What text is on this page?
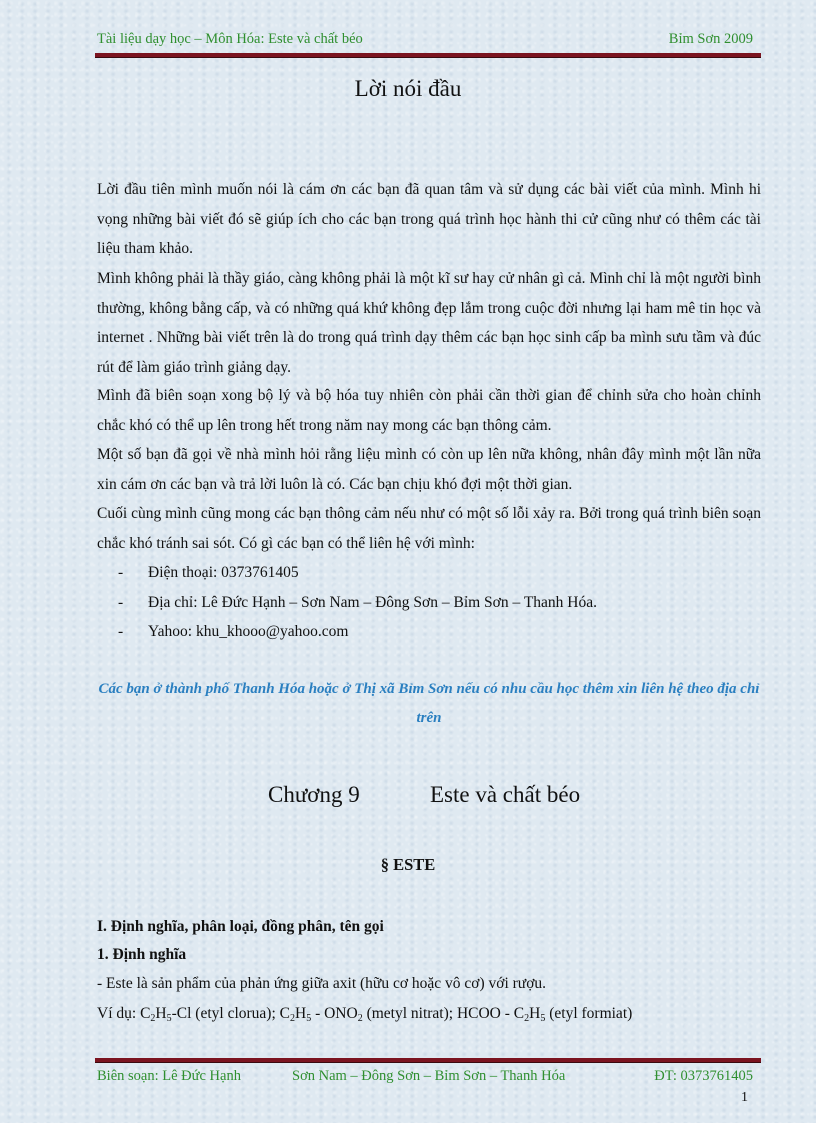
Tài liệu dạy học – Môn Hóa: Este và chất béo	Bỉm Sơn 2009
Lời nói đầu
Lời đầu tiên mình muốn nói là cám ơn các bạn đã quan tâm và sử dụng các bài viết của mình. Mình hi vọng những bài viết đó sẽ giúp ích cho các bạn trong quá trình học hành thi cử cũng như có thêm các tài liệu tham khảo.
Mình không phải là thầy giáo, càng không phải là một kĩ sư hay cử nhân gì cả. Mình chỉ là một người bình thường, không bằng cấp, và có những quá khứ không đẹp lắm trong cuộc đời nhưng lại ham mê tin học và internet . Những bài viết trên là do trong quá trình dạy thêm các bạn học sinh cấp ba mình sưu tầm và đúc rút để làm giáo trình giảng dạy.
Mình đã biên soạn xong bộ lý và bộ hóa tuy nhiên còn phải cần thời gian để chỉnh sửa cho hoàn chỉnh chắc khó có thể up lên trong hết trong năm nay mong các bạn thông cảm.
Một số bạn đã gọi về nhà mình hỏi rằng liệu mình có còn up lên nữa không, nhân đây mình một lần nữa xin cám ơn các bạn và trả lời luôn là có. Các bạn chịu khó đợi một thời gian.
Cuối cùng mình cũng mong các bạn thông cảm nếu như có một số lỗi xảy ra. Bởi trong quá trình biên soạn chắc khó tránh sai sót. Có gì các bạn có thể liên hệ với mình:
- Điện thoại: 0373761405
- Địa chỉ: Lê Đức Hạnh – Sơn Nam – Đông Sơn – Bỉm Sơn – Thanh Hóa.
- Yahoo: khu_khooo@yahoo.com
Các bạn ở thành phố Thanh Hóa hoặc ở Thị xã Bỉm Sơn nếu có nhu cầu học thêm xin liên hệ theo địa chỉ trên
Chương 9	Este và chất béo
§ ESTE
I. Định nghĩa, phân loại, đồng phân, tên gọi
1. Định nghĩa
- Este là sản phẩm của phản ứng giữa axit (hữu cơ hoặc vô cơ) với rượu.
Ví dụ: $C_2H_5-Cl$ (etyl clorua); $C_2H_5 - ONO_2$ (metyl nitrat); HCOO - $C_2H_5$ (etyl formiat)
Biên soạn: Lê Đức Hạnh	Sơn Nam – Đông Sơn – Bỉm Sơn – Thanh Hóa	ĐT: 0373761405
1
